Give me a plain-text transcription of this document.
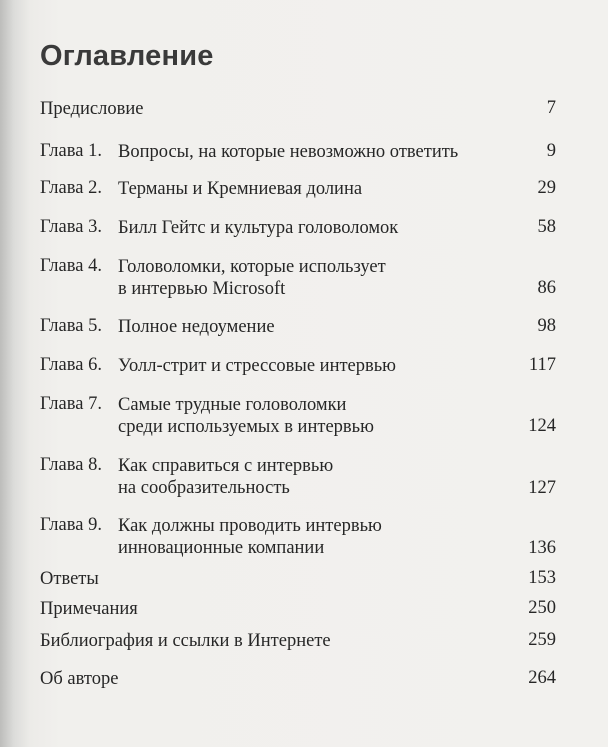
Оглавление
Предисловие	7
Глава 1. Вопросы, на которые невозможно ответить	9
Глава 2. Терманы и Кремниевая долина	29
Глава 3. Билл Гейтс и культура головоломок	58
Глава 4. Головоломки, которые использует
в интервью Microsoft	86
Глава 5. Полное недоумение	98
Глава 6. Уолл-стрит и стрессовые интервью	117
Глава 7. Самые трудные головоломки
среди используемых в интервью	124
Глава 8. Как справиться с интервью
на сообразительность	127
Глава 9. Как должны проводить интервью
инновационные компании	136
Ответы	153
Примечания	250
Библиография и ссылки в Интернете	259
Об авторе	264
